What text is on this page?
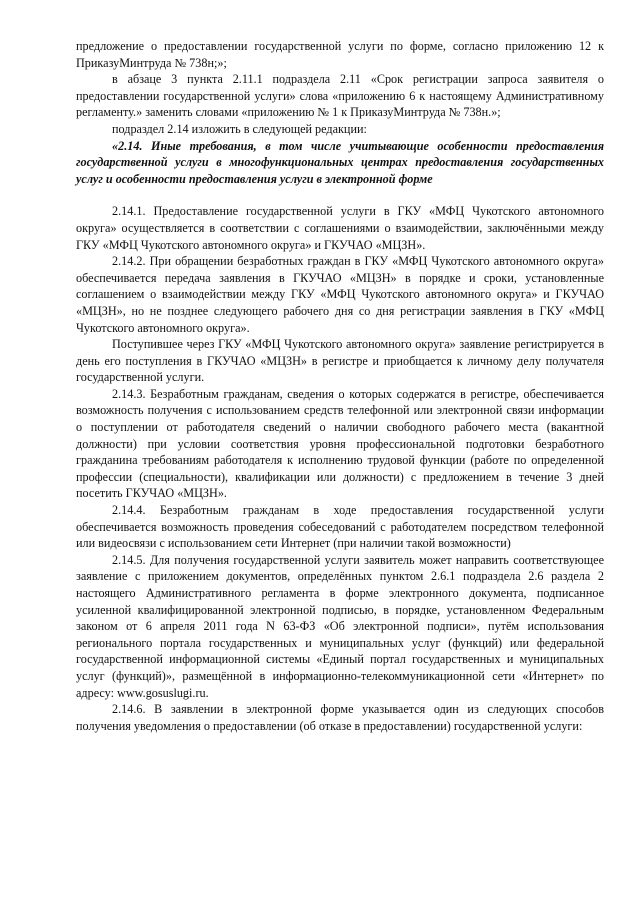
предложение о предоставлении государственной услуги по форме, согласно приложению 12 к ПриказуМинтруда № 738н;»;

в абзаце 3 пункта 2.11.1 подраздела 2.11 «Срок регистрации запроса заявителя о предоставлении государственной услуги» слова «приложению 6 к настоящему Административному регламенту.» заменить словами «приложению № 1 к ПриказуМинтруда № 738н.»;

подраздел 2.14 изложить в следующей редакции:

«2.14. Иные требования, в том числе учитывающие особенности предоставления государственной услуги в многофункциональных центрах предоставления государственных услуг и особенности предоставления услуги в электронной форме

2.14.1. Предоставление государственной услуги в ГКУ «МФЦ Чукотского автономного округа» осуществляется в соответствии с соглашениями о взаимодействии, заключёнными между ГКУ «МФЦ Чукотского автономного округа» и ГКУЧАО «МЦЗН».

2.14.2. При обращении безработных граждан в ГКУ «МФЦ Чукотского автономного округа» обеспечивается передача заявления в ГКУЧАО «МЦЗН» в порядке и сроки, установленные соглашением о взаимодействии между ГКУ «МФЦ Чукотского автономного округа» и ГКУЧАО «МЦЗН», но не позднее следующего рабочего дня со дня регистрации заявления в ГКУ «МФЦ Чукотского автономного округа».

Поступившее через ГКУ «МФЦ Чукотского автономного округа» заявление регистрируется в день его поступления в ГКУЧАО «МЦЗН» в регистре и приобщается к личному делу получателя государственной услуги.

2.14.3. Безработным гражданам, сведения о которых содержатся в регистре, обеспечивается возможность получения с использованием средств телефонной или электронной связи информации о поступлении от работодателя сведений о наличии свободного рабочего места (вакантной должности) при условии соответствия уровня профессиональной подготовки безработного гражданина требованиям работодателя к исполнению трудовой функции (работе по определенной профессии (специальности), квалификации или должности) с предложением в течение 3 дней посетить ГКУЧАО «МЦЗН».

2.14.4. Безработным гражданам в ходе предоставления государственной услуги обеспечивается возможность проведения собеседований с работодателем посредством телефонной или видеосвязи с использованием сети Интернет (при наличии такой возможности)

2.14.5. Для получения государственной услуги заявитель может направить соответствующее заявление с приложением документов, определённых пунктом 2.6.1 подраздела 2.6 раздела 2 настоящего Административного регламента в форме электронного документа, подписанное усиленной квалифицированной электронной подписью, в порядке, установленном Федеральным законом от 6 апреля 2011 года N 63-ФЗ «Об электронной подписи», путём использования регионального портала государственных и муниципальных услуг (функций) или федеральной государственной информационной системы «Единый портал государственных и муниципальных услуг (функций)», размещённой в информационно-телекоммуникационной сети «Интернет» по адресу: www.gosuslugi.ru.

2.14.6. В заявлении в электронной форме указывается один из следующих способов получения уведомления о предоставлении (об отказе в предоставлении) государственной услуги:
